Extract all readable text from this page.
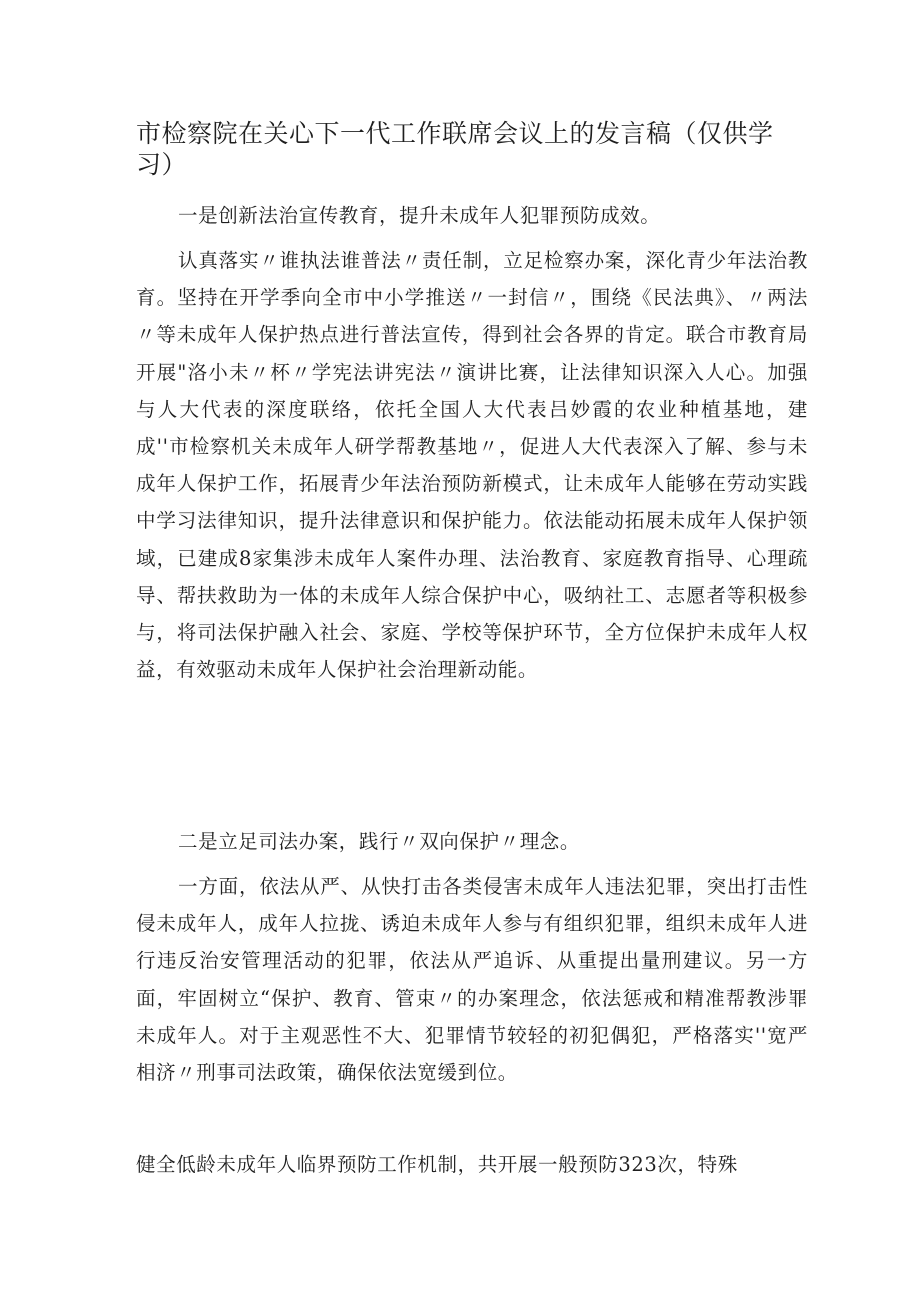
市检察院在关心下一代工作联席会议上的发言稿（仅供学习）

一是创新法治宣传教育，提升未成年人犯罪预防成效。

认真落实〃谁执法谁普法〃责任制，立足检察办案，深化青少年法治教育。坚持在开学季向全市中小学推送〃一封信〃，围绕《民法典》、〃两法〃等未成年人保护热点进行普法宣传，得到社会各界的肯定。联合市教育局开展"洛小未〃杯〃学宪法讲宪法〃演讲比赛，让法律知识深入人心。加强与人大代表的深度联络，依托全国人大代表吕妙霞的农业种植基地，建成''市检察机关未成年人研学帮教基地〃，促进人大代表深入了解、参与未成年人保护工作，拓展青少年法治预防新模式，让未成年人能够在劳动实践中学习法律知识，提升法律意识和保护能力。依法能动拓展未成年人保护领域，已建成8家集涉未成年人案件办理、法治教育、家庭教育指导、心理疏导、帮扶救助为一体的未成年人综合保护中心，吸纳社工、志愿者等积极参与，将司法保护融入社会、家庭、学校等保护环节，全方位保护未成年人权益，有效驱动未成年人保护社会治理新动能。

二是立足司法办案，践行〃双向保护〃理念。

一方面，依法从严、从快打击各类侵害未成年人违法犯罪，突出打击性侵未成年人，成年人拉拢、诱迫未成年人参与有组织犯罪，组织未成年人进行违反治安管理活动的犯罪，依法从严追诉、从重提出量刑建议。另一方面，牢固树立“保护、教育、管束〃的办案理念，依法惩戒和精准帮教涉罪未成年人。对于主观恶性不大、犯罪情节较轻的初犯偶犯，严格落实''宽严相济〃刑事司法政策，确保依法宽缓到位。

健全低龄未成年人临界预防工作机制，共开展一般预防323次，特殊
